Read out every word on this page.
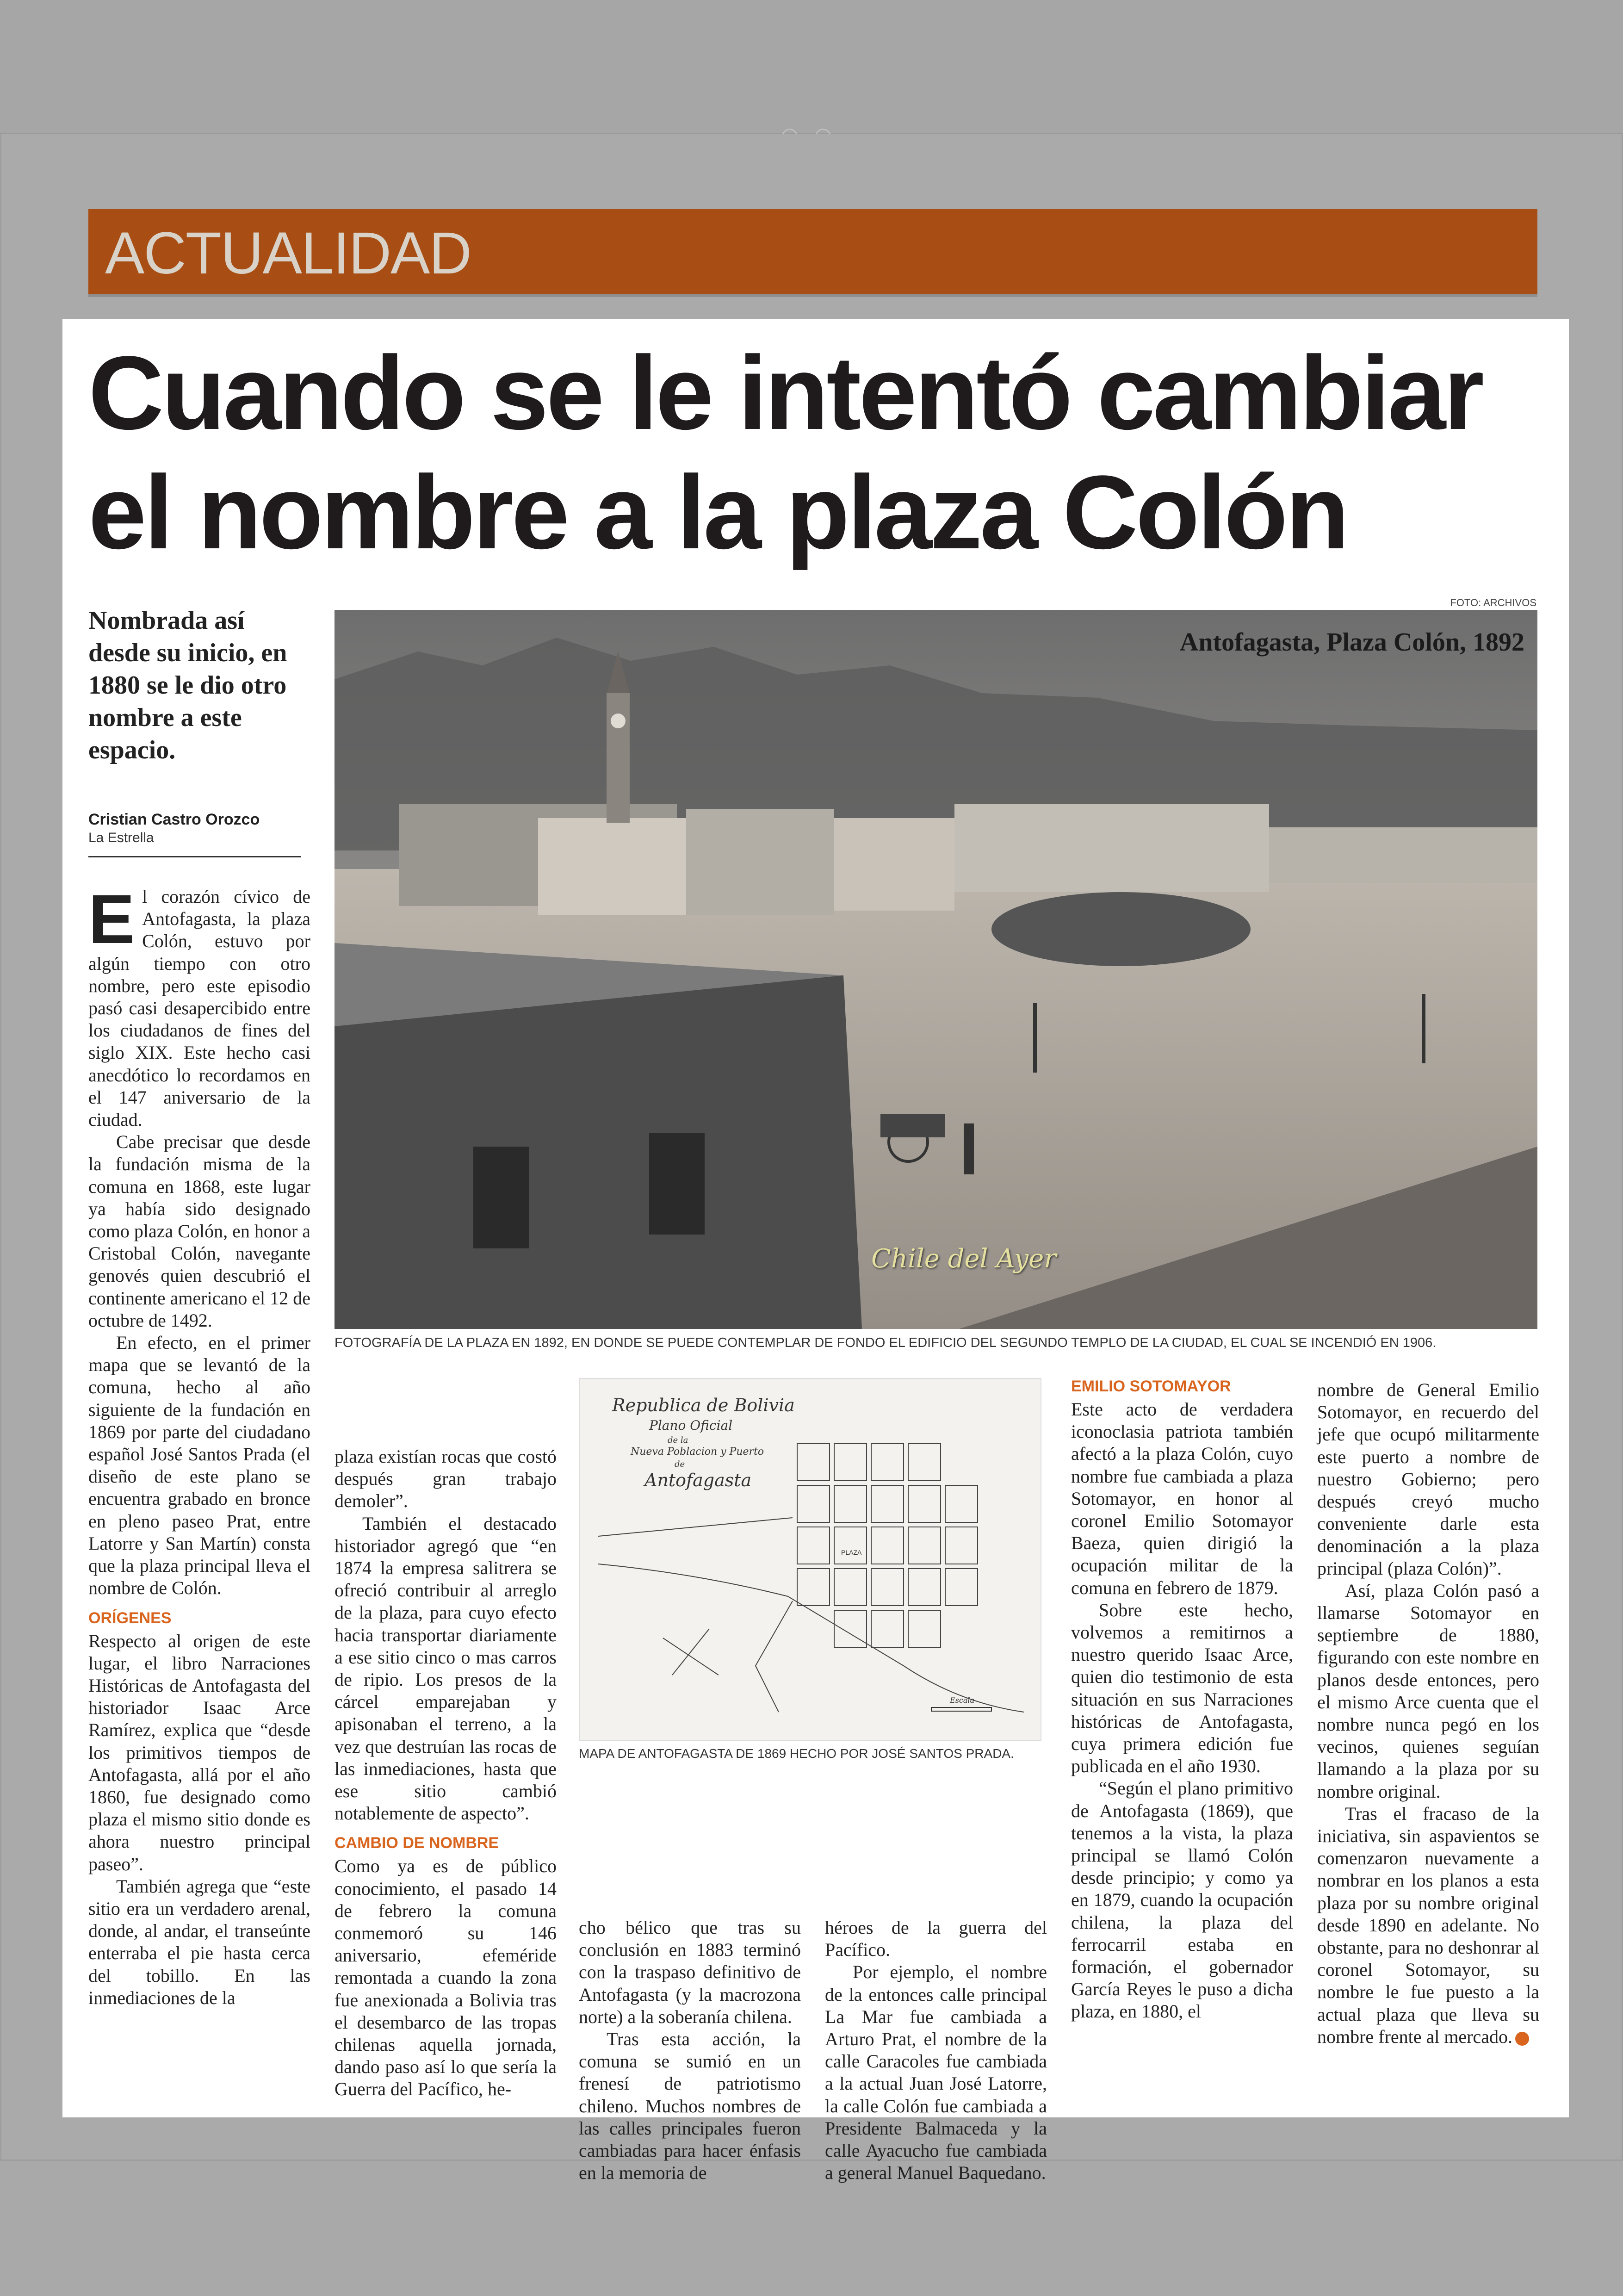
ACTUALIDAD
Cuando se le intentó cambiar
el nombre a la plaza Colón
Nombrada así desde su inicio, en 1880 se le dio otro nombre a este espacio.
Cristian Castro Orozco
La Estrella
FOTO: ARCHIVOS
Antofagasta, Plaza Colón, 1892
Chile del Ayer
FOTOGRAFÍA DE LA PLAZA EN 1892, EN DONDE SE PUEDE CONTEMPLAR DE FONDO EL EDIFICIO DEL SEGUNDO TEMPLO DE LA CIUDAD, EL CUAL SE INCENDIÓ EN 1906.

El corazón cívico de Antofagasta, la plaza Colón, estuvo por algún tiempo con otro nombre, pero este episodio pasó casi desapercibido entre los ciudadanos de fines del siglo XIX. Este hecho casi anecdótico lo recordamos en el 147 aniversario de la ciudad.

Cabe precisar que desde la fundación misma de la comuna en 1868, este lugar ya había sido designado como plaza Colón, en honor a Cristobal Colón, navegante genovés quien descubrió el continente americano el 12 de octubre de 1492.

En efecto, en el primer mapa que se levantó de la comuna, hecho al año siguiente de la fundación en 1869 por parte del ciudadano español José Santos Prada (el diseño de este plano se encuentra grabado en bronce en pleno paseo Prat, entre Latorre y San Martín) consta que la plaza principal lleva el nombre de Colón.

ORÍGENES

Respecto al origen de este lugar, el libro Narraciones Históricas de Antofagasta del historiador Isaac Arce Ramírez, explica que “desde los primitivos tiempos de Antofagasta, allá por el año 1860, fue designado como plaza el mismo sitio donde es ahora nuestro principal paseo”.

También agrega que “este sitio era un verdadero arenal, donde, al andar, el transeúnte enterraba el pie hasta cerca del tobillo. En las inmediaciones de la

plaza existían rocas que costó después gran trabajo demoler”.

También el destacado historiador agregó que “en 1874 la empresa salitrera se ofreció contribuir al arreglo de la plaza, para cuyo efecto hacia transportar diariamente a ese sitio cinco o mas carros de ripio. Los presos de la cárcel emparejaban y apisonaban el terreno, a la vez que destruían las rocas de las inmediaciones, hasta que ese sitio cambió notablemente de aspecto”.

CAMBIO DE NOMBRE

Como ya es de público conocimiento, el pasado 14 de febrero la comuna conmemoró su 146 aniversario, efeméride remontada a cuando la zona fue anexionada a Bolivia tras el desembarco de las tropas chilenas aquella jornada, dando paso así lo que sería la Guerra del Pacífico, he-

Republica de Bolivia
Plano Oficial
de la
Nueva Poblacion y Puerto
de
Antofagasta
PLAZA
Escala
MAPA DE ANTOFAGASTA DE 1869 HECHO POR JOSÉ SANTOS PRADA.

cho bélico que tras su conclusión en 1883 terminó con la traspaso definitivo de Antofagasta (y la macrozona norte) a la soberanía chilena.

Tras esta acción, la comuna se sumió en un frenesí de patriotismo chileno. Muchos nombres de las calles principales fueron cambiadas para hacer énfasis en la memoria de

héroes de la guerra del Pacífico.

Por ejemplo, el nombre de la entonces calle principal La Mar fue cambiada a Arturo Prat, el nombre de la calle Caracoles fue cambiada a la actual Juan José Latorre, la calle Colón fue cambiada a Presidente Balmaceda y la calle Ayacucho fue cambiada a general Manuel Baquedano.

EMILIO SOTOMAYOR

Este acto de verdadera iconoclasia patriota también afectó a la plaza Colón, cuyo nombre fue cambiada a plaza Sotomayor, en honor al coronel Emilio Sotomayor Baeza, quien dirigió la ocupación militar de la comuna en febrero de 1879.

Sobre este hecho, volvemos a remitirnos a nuestro querido Isaac Arce, quien dio testimonio de esta situación en sus Narraciones históricas de Antofagasta, cuya primera edición fue publicada en el año 1930.

“Según el plano primitivo de Antofagasta (1869), que tenemos a la vista, la plaza principal se llamó Colón desde principio; y como ya en 1879, cuando la ocupación chilena, la plaza del ferrocarril estaba en formación, el gobernador García Reyes le puso a dicha plaza, en 1880, el

nombre de General Emilio Sotomayor, en recuerdo del jefe que ocupó militarmente este puerto a nombre de nuestro Gobierno; pero después creyó mucho conveniente darle esta denominación a la plaza principal (plaza Colón)”.

Así, plaza Colón pasó a llamarse Sotomayor en septiembre de 1880, figurando con este nombre en planos desde entonces, pero el mismo Arce cuenta que el nombre nunca pegó en los vecinos, quienes seguían llamando a la plaza por su nombre original.

Tras el fracaso de la iniciativa, sin aspavientos se comenzaron nuevamente a nombrar en los planos a esta plaza por su nombre original desde 1890 en adelante. No obstante, para no deshonrar al coronel Sotomayor, su nombre le fue puesto a la actual plaza que lleva su nombre frente al mercado.
